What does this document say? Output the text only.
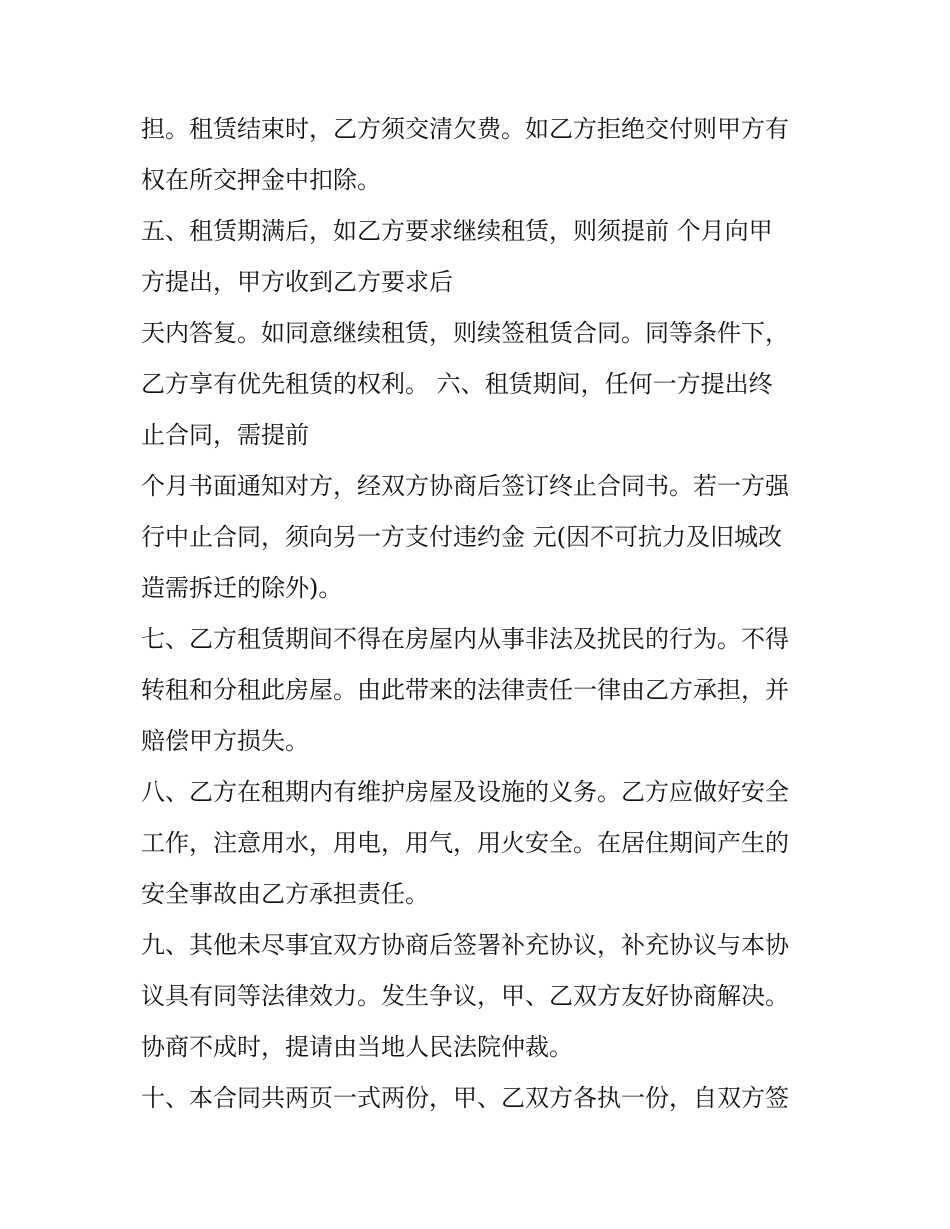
担。租赁结束时，乙方须交清欠费。如乙方拒绝交付则甲方有
权在所交押金中扣除。
五、租赁期满后，如乙方要求继续租赁，则须提前 个月向甲
方提出，甲方收到乙方要求后
天内答复。如同意继续租赁，则续签租赁合同。同等条件下，
乙方享有优先租赁的权利。 六、租赁期间，任何一方提出终
止合同，需提前
个月书面通知对方，经双方协商后签订终止合同书。若一方强
行中止合同，须向另一方支付违约金 元(因不可抗力及旧城改
造需拆迁的除外)。
七、乙方租赁期间不得在房屋内从事非法及扰民的行为。不得
转租和分租此房屋。由此带来的法律责任一律由乙方承担，并
赔偿甲方损失。
八、乙方在租期内有维护房屋及设施的义务。乙方应做好安全
工作，注意用水，用电，用气，用火安全。在居住期间产生的
安全事故由乙方承担责任。
九、其他未尽事宜双方协商后签署补充协议，补充协议与本协
议具有同等法律效力。发生争议，甲、乙双方友好协商解决。
协商不成时，提请由当地人民法院仲裁。
十、本合同共两页一式两份，甲、乙双方各执一份，自双方签
